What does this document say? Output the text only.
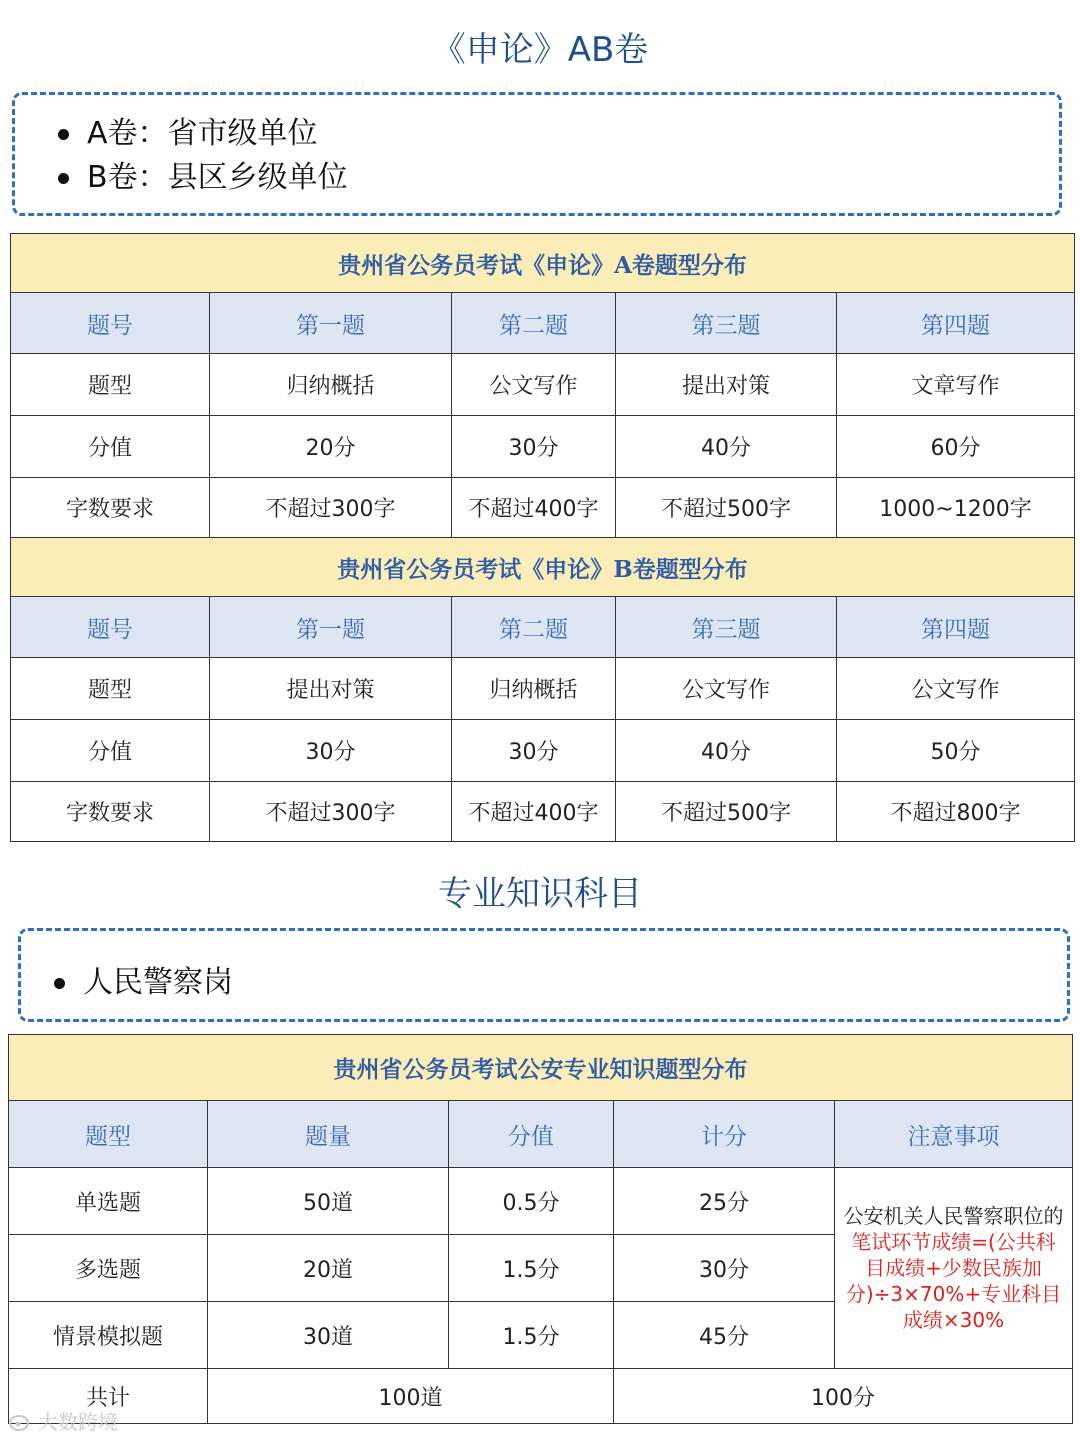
《申论》AB卷
A卷：省市级单位
B卷：县区乡级单位
贵州省公务员考试《申论》A卷题型分布				
题号	第一题	第二题	第三题	第四题
题型	归纳概括	公文写作	提出对策	文章写作
分值	20分	30分	40分	60分
字数要求	不超过300字	不超过400字	不超过500字	1000~1200字
贵州省公务员考试《申论》B卷题型分布				
题号	第一题	第二题	第三题	第四题
题型	提出对策	归纳概括	公文写作	公文写作
分值	30分	30分	40分	50分
字数要求	不超过300字	不超过400字	不超过500字	不超过800字
专业知识科目
人民警察岗
贵州省公务员考试公安专业知识题型分布				
题型	题量	分值	计分	注意事项
单选题	50道	0.5分	25分	公安机关人民警察职位的笔试环节成绩=(公共科目成绩+少数民族加分)÷3×70%+专业科目成绩×30%
多选题	20道	1.5分	30分	
情景模拟题	30道	1.5分	45分	
共计	100道		100分	
大数跨境
